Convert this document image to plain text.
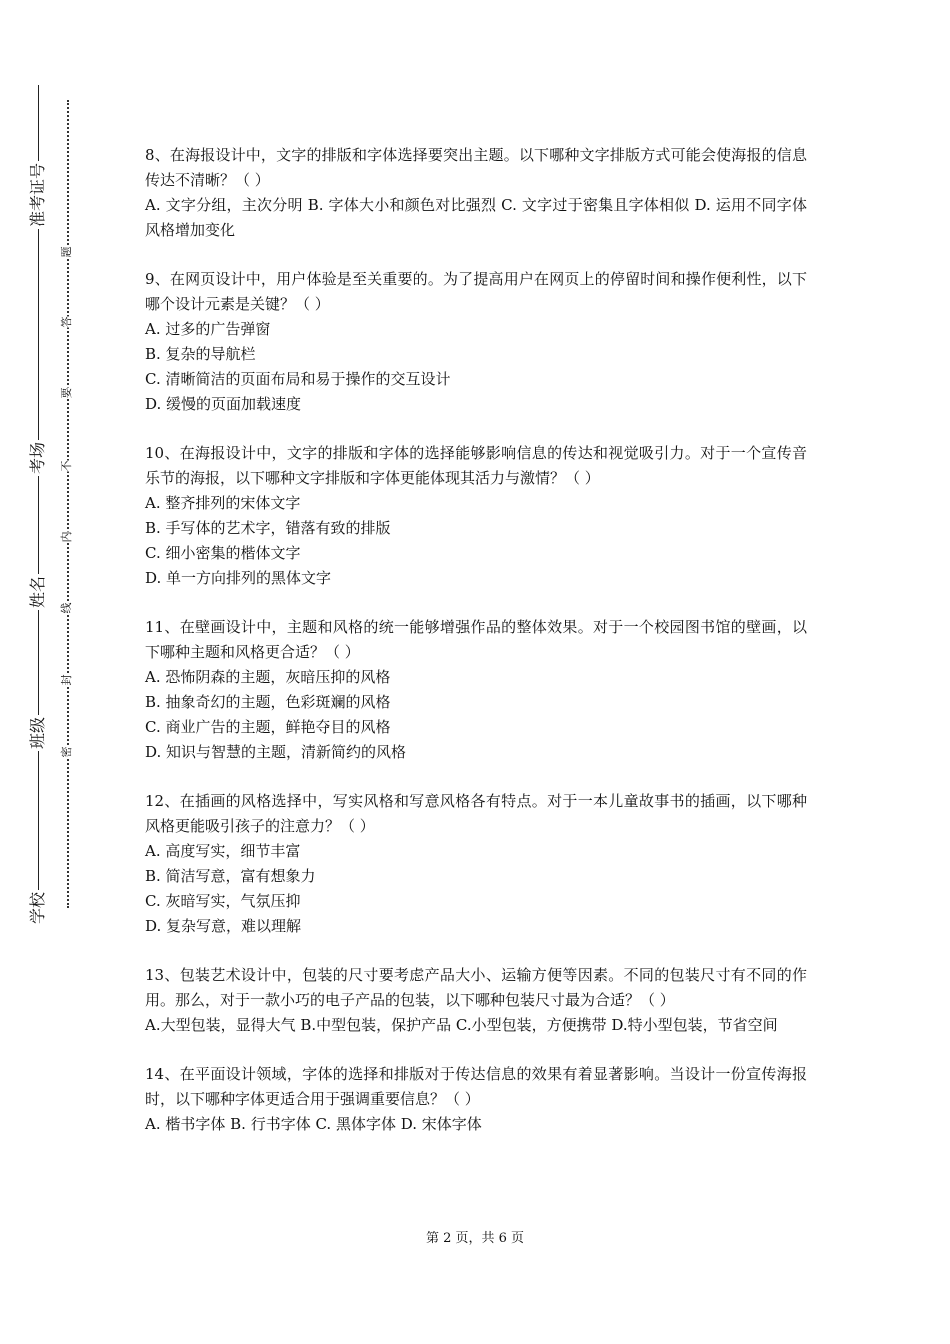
准考证号
考场
姓名
班级
学校
题
答
要
不
内
线
封
密

8、在海报设计中，文字的排版和字体选择要突出主题。以下哪种文字排版方式可能会使海报的信息传达不清晰？（ ）

A. 文字分组，主次分明 B. 字体大小和颜色对比强烈 C. 文字过于密集且字体相似 D. 运用不同字体风格增加变化

9、在网页设计中，用户体验是至关重要的。为了提高用户在网页上的停留时间和操作便利性，以下哪个设计元素是关键？（ ）

A. 过多的广告弹窗

B. 复杂的导航栏

C. 清晰简洁的页面布局和易于操作的交互设计

D. 缓慢的页面加载速度

10、在海报设计中，文字的排版和字体的选择能够影响信息的传达和视觉吸引力。对于一个宣传音乐节的海报，以下哪种文字排版和字体更能体现其活力与激情？（ ）

A. 整齐排列的宋体文字

B. 手写体的艺术字，错落有致的排版

C. 细小密集的楷体文字

D. 单一方向排列的黑体文字

11、在壁画设计中，主题和风格的统一能够增强作品的整体效果。对于一个校园图书馆的壁画，以下哪种主题和风格更合适？（ ）

A. 恐怖阴森的主题，灰暗压抑的风格

B. 抽象奇幻的主题，色彩斑斓的风格

C. 商业广告的主题，鲜艳夺目的风格

D. 知识与智慧的主题，清新简约的风格

12、在插画的风格选择中，写实风格和写意风格各有特点。对于一本儿童故事书的插画，以下哪种风格更能吸引孩子的注意力？（ ）

A. 高度写实，细节丰富

B. 简洁写意，富有想象力

C. 灰暗写实，气氛压抑

D. 复杂写意，难以理解

13、包装艺术设计中，包装的尺寸要考虑产品大小、运输方便等因素。不同的包装尺寸有不同的作用。那么，对于一款小巧的电子产品的包装，以下哪种包装尺寸最为合适？（ ）

A.大型包装，显得大气 B.中型包装，保护产品 C.小型包装，方便携带 D.特小型包装，节省空间

14、在平面设计领域，字体的选择和排版对于传达信息的效果有着显著影响。当设计一份宣传海报时，以下哪种字体更适合用于强调重要信息？（ ）

A. 楷书字体 B. 行书字体 C. 黑体字体 D. 宋体字体

第 2 页，共 6 页
